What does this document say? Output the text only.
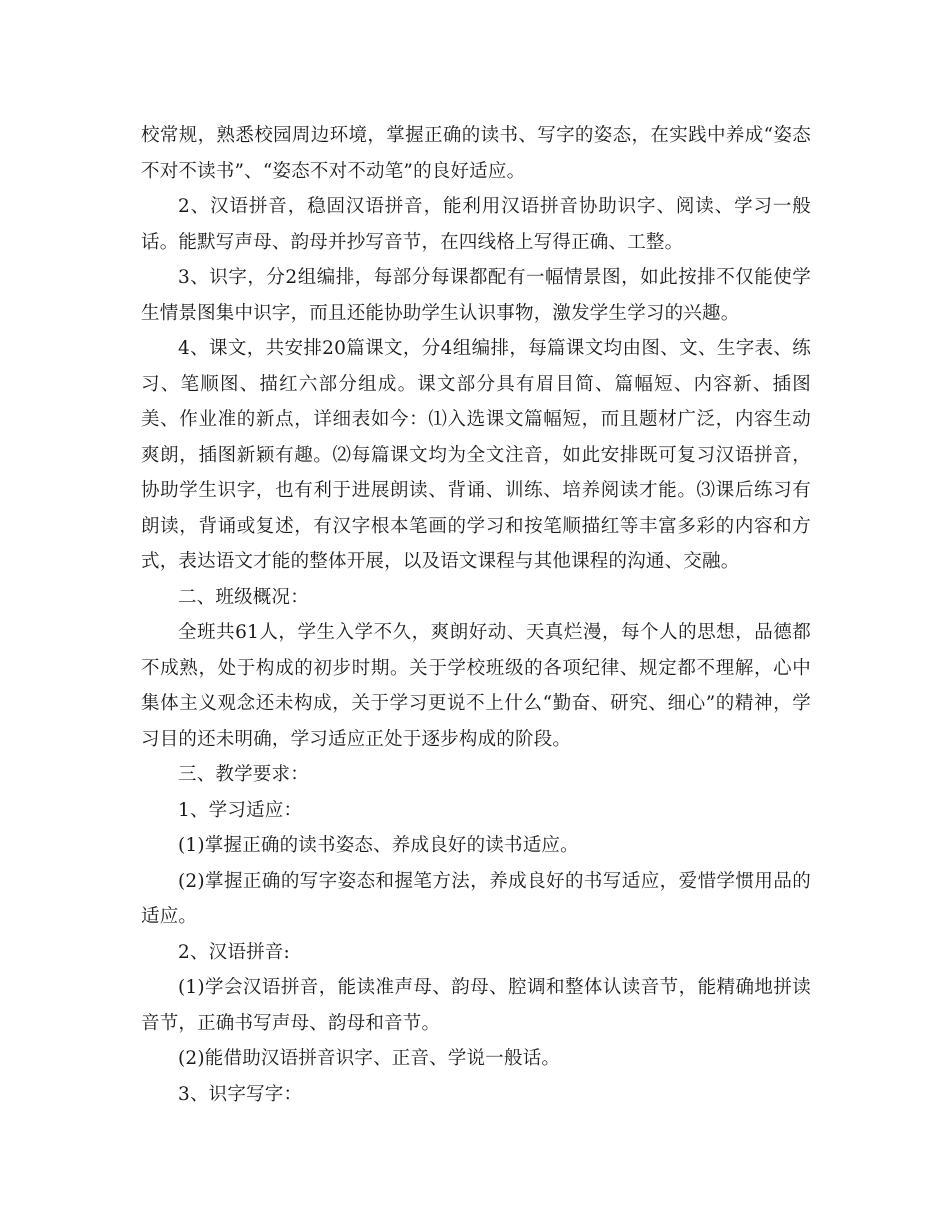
校常规，熟悉校园周边环境，掌握正确的读书、写字的姿态，在实践中养成“姿态不对不读书”、“姿态不对不动笔”的良好适应。

2、汉语拼音，稳固汉语拼音，能利用汉语拼音协助识字、阅读、学习一般话。能默写声母、韵母并抄写音节，在四线格上写得正确、工整。

3、识字，分2组编排，每部分每课都配有一幅情景图，如此按排不仅能使学生情景图集中识字，而且还能协助学生认识事物，激发学生学习的兴趣。

4、课文，共安排20篇课文，分4组编排，每篇课文均由图、文、生字表、练习、笔顺图、描红六部分组成。课文部分具有眉目简、篇幅短、内容新、插图美、作业准的新点，详细表如今：⑴入选课文篇幅短，而且题材广泛，内容生动爽朗，插图新颖有趣。⑵每篇课文均为全文注音，如此安排既可复习汉语拼音，协助学生识字，也有利于进展朗读、背诵、训练、培养阅读才能。⑶课后练习有朗读，背诵或复述，有汉字根本笔画的学习和按笔顺描红等丰富多彩的内容和方式，表达语文才能的整体开展，以及语文课程与其他课程的沟通、交融。

二、班级概况：

全班共61人，学生入学不久，爽朗好动、天真烂漫，每个人的思想，品德都不成熟，处于构成的初步时期。关于学校班级的各项纪律、规定都不理解，心中集体主义观念还未构成，关于学习更说不上什么“勤奋、研究、细心”的精神，学习目的还未明确，学习适应正处于逐步构成的阶段。

三、教学要求：

1、学习适应：

(1)掌握正确的读书姿态、养成良好的读书适应。

(2)掌握正确的写字姿态和握笔方法，养成良好的书写适应，爱惜学惯用品的适应。

2、汉语拼音:

(1)学会汉语拼音，能读准声母、韵母、腔调和整体认读音节，能精确地拼读音节，正确书写声母、韵母和音节。

(2)能借助汉语拼音识字、正音、学说一般话。

3、识字写字：
